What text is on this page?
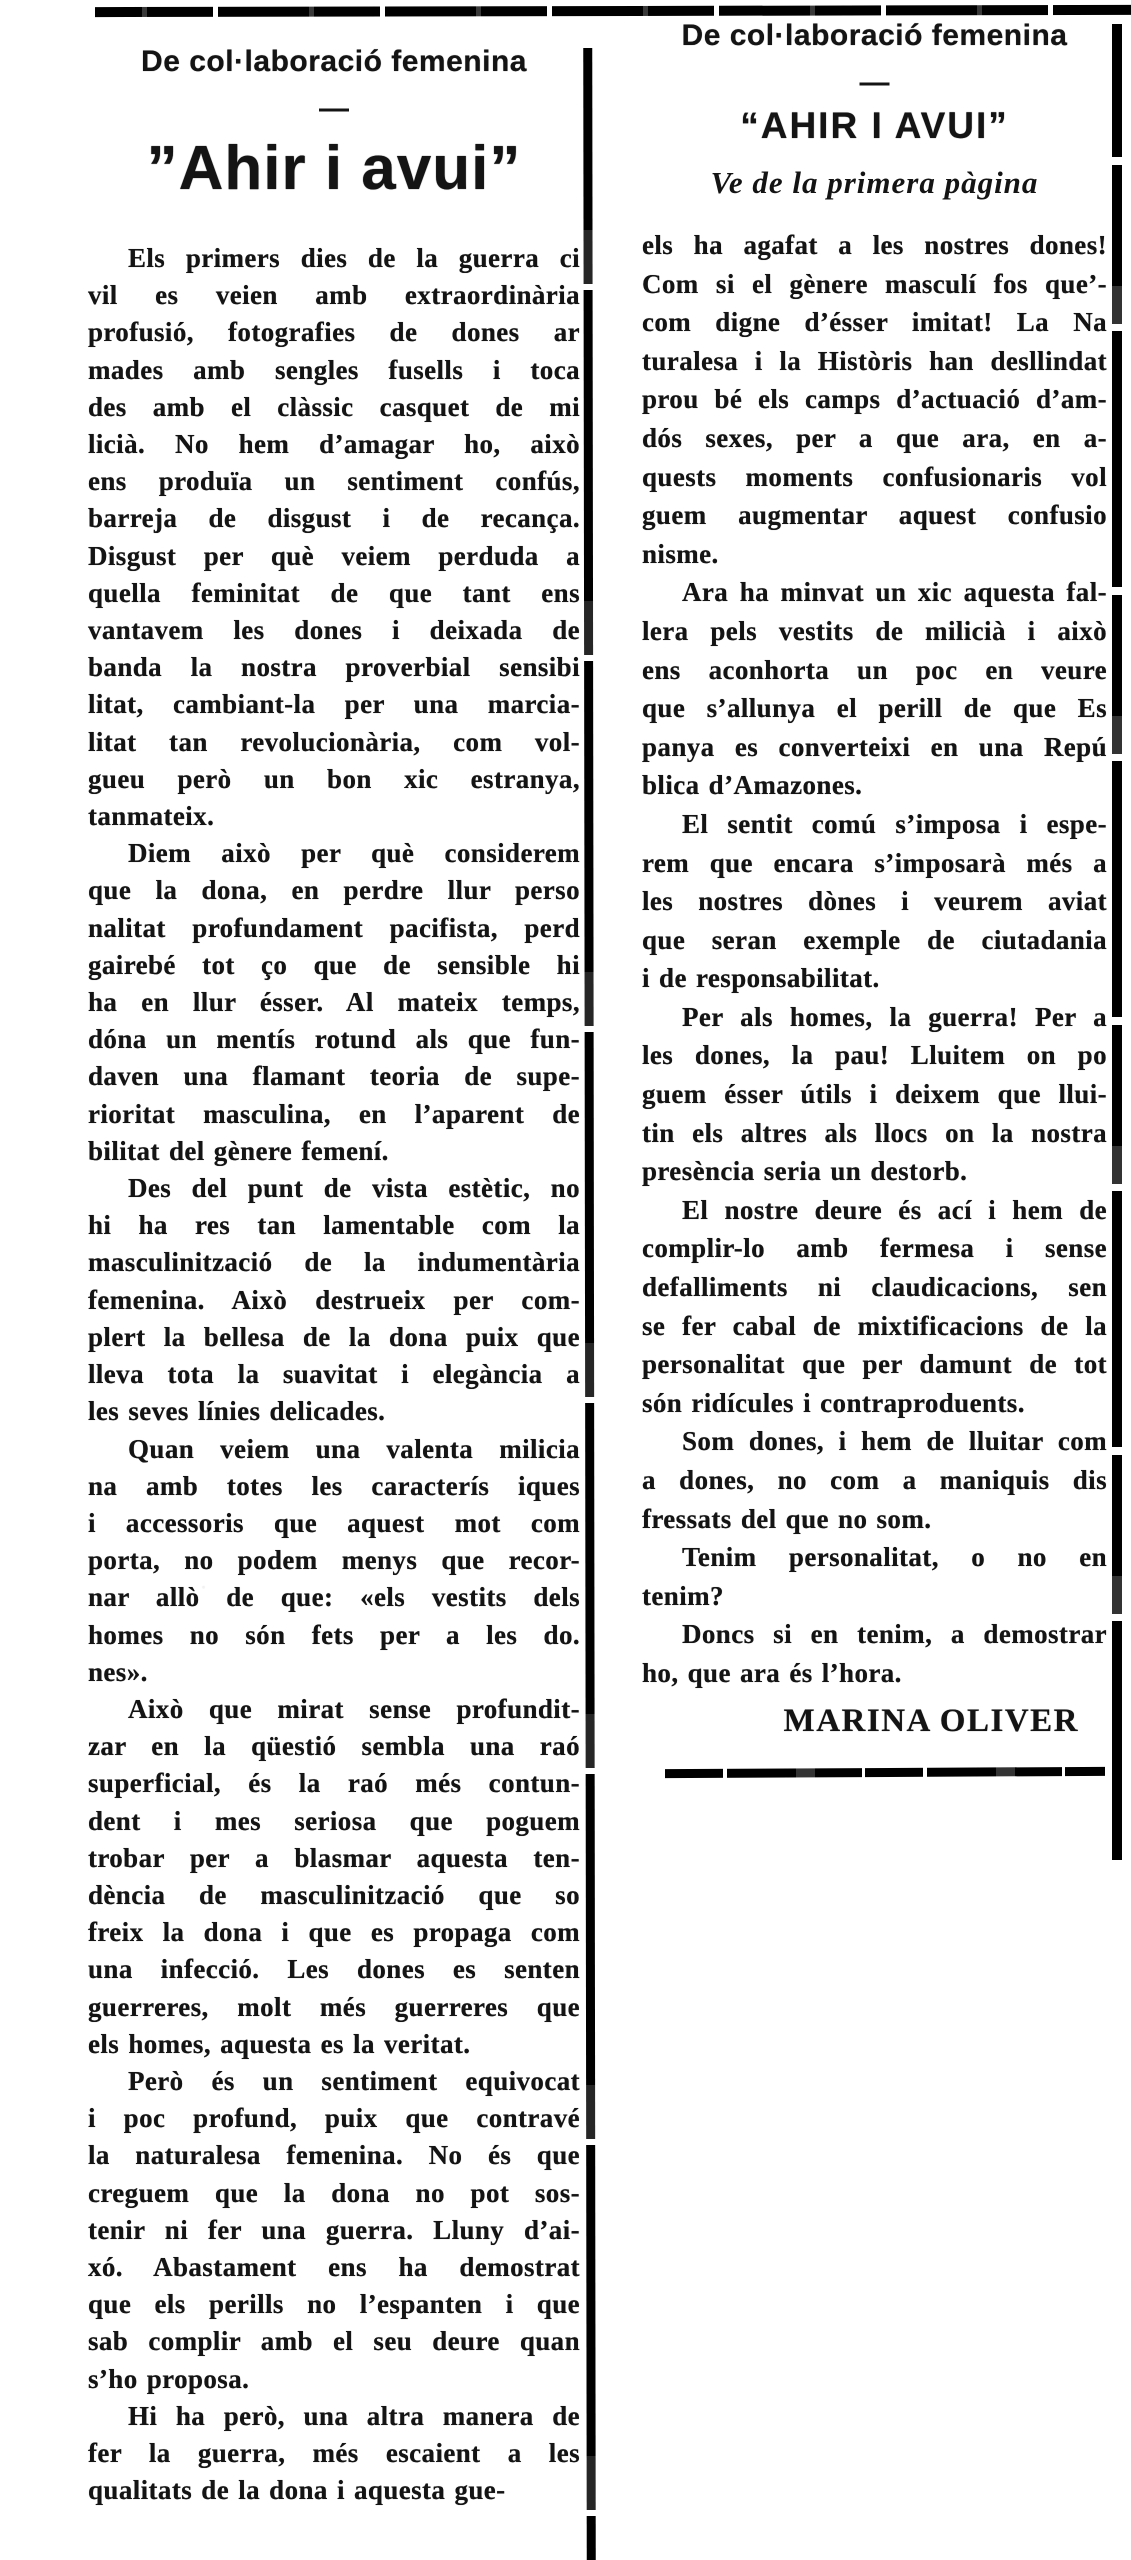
De col·laboració femenina
—
”Ahir i avui”
Els primers dies de la guerra ci
vil es veien amb extraordinària
profusió, fotografies de dones ar
mades amb sengles fusells i toca
des amb el clàssic casquet de mi
licià. No hem d’amagar ho, això
ens produïa un sentiment confús,
barreja de disgust i de recança.
Disgust per què veiem perduda a
quella feminitat de que tant ens
vantavem les dones i deixada de
banda la nostra proverbial sensibi
litat, cambiant-la per una marcia-
litat tan revolucionària, com vol-
gueu però un bon xic estranya,
tanmateix.
Diem això per què considerem
que la dona, en perdre llur perso
nalitat profundament pacifista, perd
gairebé tot ço que de sensible hi
ha en llur ésser. Al mateix temps,
dóna un mentís rotund als que fun-
daven una flamant teoria de supe-
rioritat masculina, en l’aparent de
bilitat del gènere femení.
Des del punt de vista estètic, no
hi ha res tan lamentable com la
masculinització de la indumentària
femenina. Això destrueix per com-
plert la bellesa de la dona puix que
lleva tota la suavitat i elegància a
les seves línies delicades.
Quan veiem una valenta milicia
na amb totes les caracterís iques
i accessoris que aquest mot com
porta, no podem menys que recor-
nar allò de que: «els vestits dels
homes no són fets per a les do.
nes».
Això que mirat sense profundit-
zar en la qüestió sembla una raó
superficial, és la raó més contun-
dent i mes seriosa que poguem
trobar per a blasmar aquesta ten-
dència de masculinització que so
freix la dona i que es propaga com
una infecció. Les dones es senten
guerreres, molt més guerreres que
els homes, aquesta es la veritat.
Però és un sentiment equivocat
i poc profund, puix que contravé
la naturalesa femenina. No és que
creguem que la dona no pot sos-
tenir ni fer una guerra. Lluny d’ai-
xó. Abastament ens ha demostrat
que els perills no l’espanten i que
sab complir amb el seu deure quan
s’ho proposa.
Hi ha però, una altra manera de
fer la guerra, més escaient a les
qualitats de la dona i aquesta gue-
De col·laboració femenina
—
“AHIR I AVUI”
Ve de la primera pàgina
els ha agafat a les nostres dones!
Com si el gènere masculí fos que’-
com digne d’ésser imitat! La Na
turalesa i la Històris han desllindat
prou bé els camps d’actuació d’am-
dós sexes, per a que ara, en a-
quests moments confusionaris vol
guem augmentar aquest confusio
nisme.
Ara ha minvat un xic aquesta fal-
lera pels vestits de milicià i això
ens aconhorta un poc en veure
que s’allunya el perill de que Es
panya es converteixi en una Repú
blica d’Amazones.
El sentit comú s’imposa i espe-
rem que encara s’imposarà més a
les nostres dònes i veurem aviat
que seran exemple de ciutadania
i de responsabilitat.
Per als homes, la guerra! Per a
les dones, la pau! Lluitem on po
guem ésser útils i deixem que llui-
tin els altres als llocs on la nostra
presència seria un destorb.
El nostre deure és ací i hem de
complir-lo amb fermesa i sense
defalliments ni claudicacions, sen
se fer cabal de mixtificacions de la
personalitat que per damunt de tot
són ridícules i contraproduents.
Som dones, i hem de lluitar com
a dones, no com a maniquis dis
fressats del que no som.
Tenim personalitat, o no en
tenim?
Doncs si en tenim, a demostrar
ho, que ara és l’hora.
MARINA OLIVER
